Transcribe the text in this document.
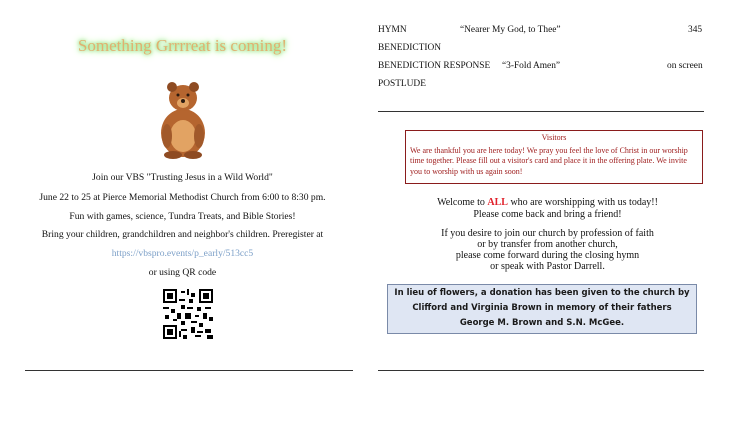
Something Grrrreat is coming!
Join our VBS "Trusting Jesus in a Wild World"
June 22 to 25 at Pierce Memorial Methodist Church from 6:00 to 8:30 pm.
Fun with games, science, Tundra Treats, and Bible Stories!
Bring your children, grandchildren and neighbor's children. Preregister at
https://vbspro.events/p_early/513cc5
or using QR code
HYMN	“Nearer My God, to Thee”	345
BENEDICTION
BENEDICTION RESPONSE “3-Fold Amen”	on screen
POSTLUDE
Visitors
We are thankful you are here today! We pray you feel the love of Christ in our worship time together. Please fill out a visitor's card and place it in the offering plate. We invite you to worship with us again soon!
Welcome to ALL who are worshipping with us today!!
Please come back and bring a friend!
If you desire to join our church by profession of faith
or by transfer from another church,
please come forward during the closing hymn
or speak with Pastor Darrell.
In lieu of flowers, a donation has been given to the church by Clifford and Virginia Brown in memory of their fathers George M. Brown and S.N. McGee.
